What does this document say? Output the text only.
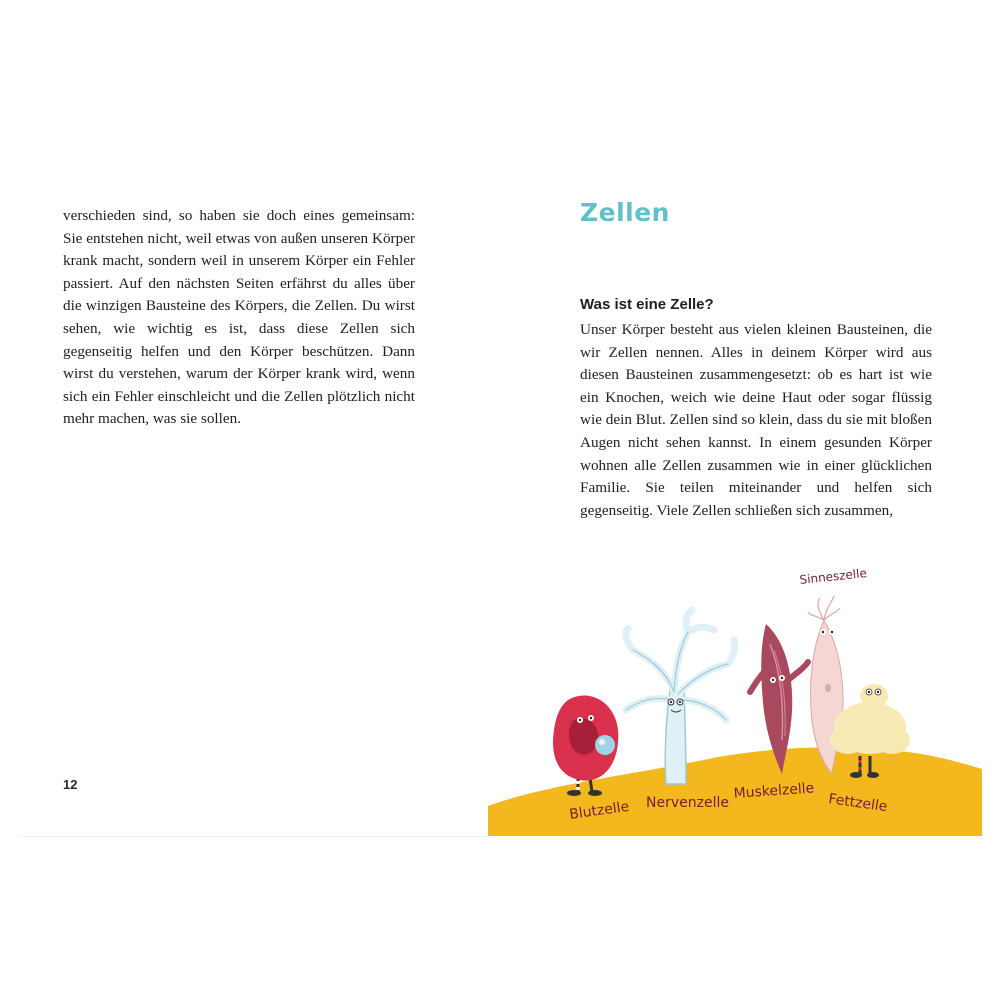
verschieden sind, so haben sie doch eines gemeinsam: Sie entstehen nicht, weil etwas von außen unseren Körper krank macht, sondern weil in unserem Körper ein Fehler passiert. Auf den nächsten Seiten erfährst du alles über die winzigen Bausteine des Körpers, die Zellen. Du wirst sehen, wie wichtig es ist, dass diese Zellen sich gegenseitig helfen und den Körper beschützen. Dann wirst du verstehen, warum der Körper krank wird, wenn sich ein Fehler einschleicht und die Zellen plötzlich nicht mehr machen, was sie sollen.

12
Zellen
Was ist eine Zelle?

Unser Körper besteht aus vielen kleinen Bausteinen, die wir Zellen nennen. Alles in deinem Körper wird aus diesen Bausteinen zusammengesetzt: ob es hart ist wie ein Knochen, weich wie deine Haut oder sogar flüssig wie dein Blut. Zellen sind so klein, dass du sie mit bloßen Augen nicht sehen kannst. In einem gesunden Körper wohnen alle Zellen zusammen wie in einer glücklichen Familie. Sie teilen miteinander und helfen sich gegenseitig. Viele Zellen schließen sich zusammen,

Blutzelle Nervenzelle
Muskelzelle Fettzelle
Sinneszelle
